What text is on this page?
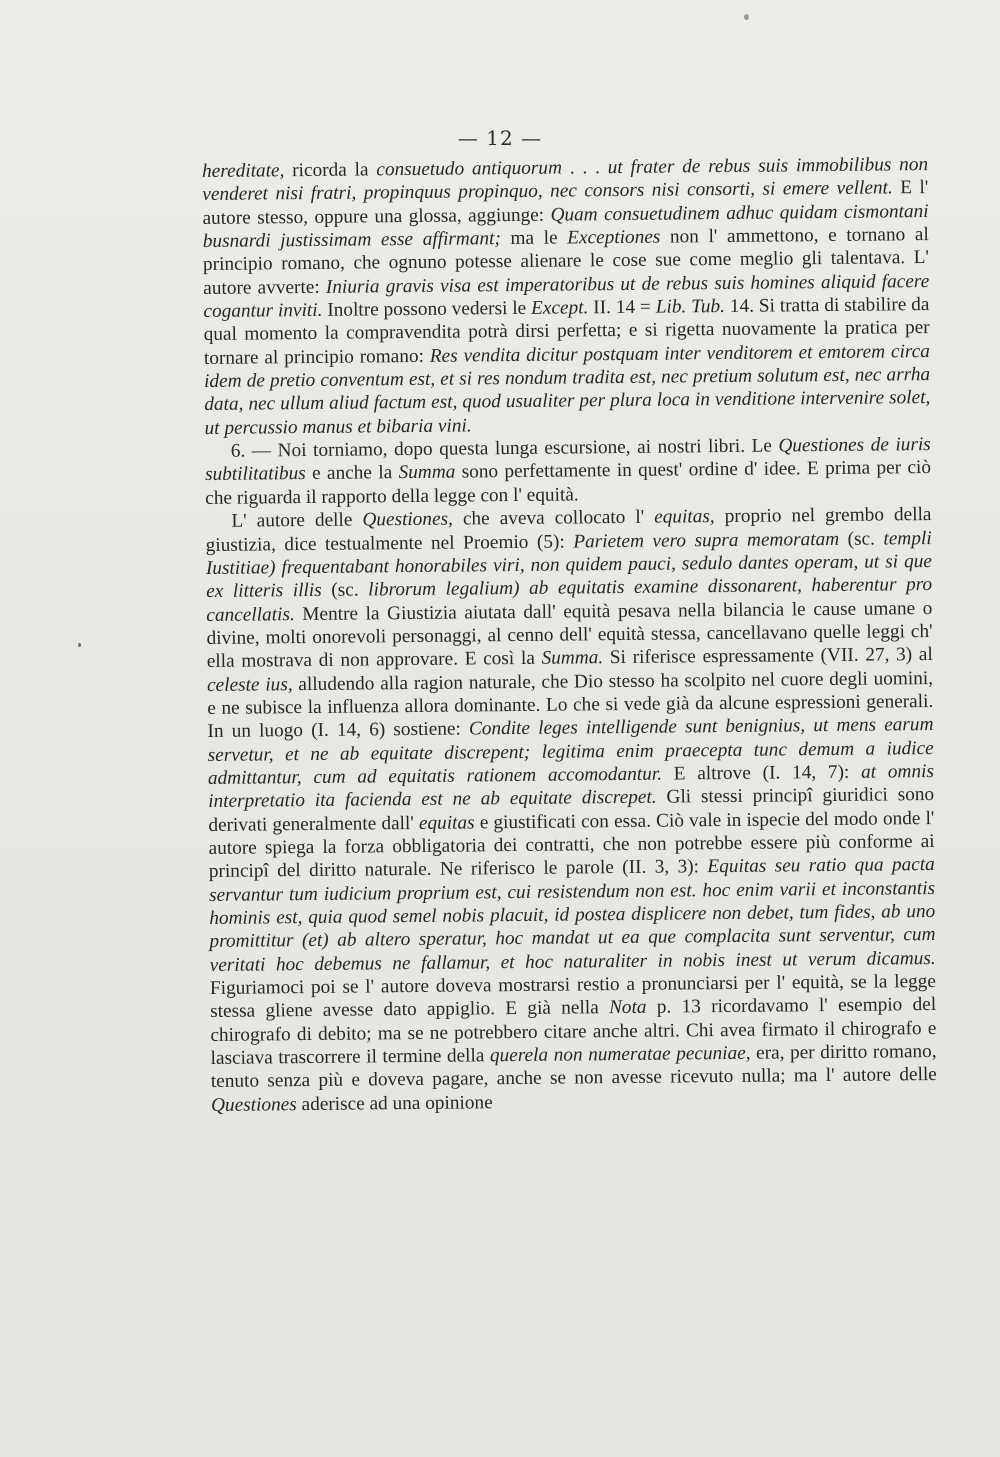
— 12 —

hereditate, ricorda la consuetudo antiquorum . . . ut frater de rebus suis immobilibus non venderet nisi fratri, propinquus propinquo, nec consors nisi consorti, si emere vellent. E l' autore stesso, oppure una glossa, aggiunge: Quam consuetudinem adhuc quidam cismontani busnardi justissimam esse affirmant; ma le Exceptiones non l' ammettono, e tornano al principio romano, che ognuno potesse alienare le cose sue come meglio gli talentava. L' autore avverte: Iniuria gravis visa est imperatoribus ut de rebus suis homines aliquid facere cogantur inviti. Inoltre possono vedersi le Except. II. 14 = Lib. Tub. 14. Si tratta di stabilire da qual momento la compravendita potrà dirsi perfetta; e si rigetta nuovamente la pratica per tornare al principio romano: Res vendita dicitur postquam inter venditorem et emtorem circa idem de pretio conventum est, et si res nondum tradita est, nec pretium solutum est, nec arrha data, nec ullum aliud factum est, quod usualiter per plura loca in venditione intervenire solet, ut percussio manus et bibaria vini.

6. — Noi torniamo, dopo questa lunga escursione, ai nostri libri. Le Questiones de iuris subtilitatibus e anche la Summa sono perfettamente in quest' ordine d' idee. E prima per ciò che riguarda il rapporto della legge con l' equità.

L' autore delle Questiones, che aveva collocato l' equitas, proprio nel grembo della giustizia, dice testualmente nel Proemio (5): Parietem vero supra memoratam (sc. templi Iustitiae) frequentabant honorabiles viri, non quidem pauci, sedulo dantes operam, ut si que ex litteris illis (sc. librorum legalium) ab equitatis examine dissonarent, haberentur pro cancellatis. Mentre la Giustizia aiutata dall' equità pesava nella bilancia le cause umane o divine, molti onorevoli personaggi, al cenno dell' equità stessa, cancellavano quelle leggi ch' ella mostrava di non approvare. E così la Summa. Si riferisce espressamente (VII. 27, 3) al celeste ius, alludendo alla ragion naturale, che Dio stesso ha scolpito nel cuore degli uomini, e ne subisce la influenza allora dominante. Lo che si vede già da alcune espressioni generali. In un luogo (I. 14, 6) sostiene: Condite leges intelligende sunt benignius, ut mens earum servetur, et ne ab equitate discrepent; legitima enim praecepta tunc demum a iudice admittantur, cum ad equitatis rationem accomodantur. E altrove (I. 14, 7): at omnis interpretatio ita facienda est ne ab equitate discrepet. Gli stessi principî giuridici sono derivati generalmente dall' equitas e giustificati con essa. Ciò vale in ispecie del modo onde l' autore spiega la forza obbligatoria dei contratti, che non potrebbe essere più conforme ai principî del diritto naturale. Ne riferisco le parole (II. 3, 3): Equitas seu ratio qua pacta servantur tum iudicium proprium est, cui resistendum non est. hoc enim varii et inconstantis hominis est, quia quod semel nobis placuit, id postea displicere non debet, tum fides, ab uno promittitur (et) ab altero speratur, hoc mandat ut ea que complacita sunt serventur, cum veritati hoc debemus ne fallamur, et hoc naturaliter in nobis inest ut verum dicamus. Figuriamoci poi se l' autore doveva mostrarsi restio a pronunciarsi per l' equità, se la legge stessa gliene avesse dato appiglio. E già nella Nota p. 13 ricordavamo l' esempio del chirografo di debito; ma se ne potrebbero citare anche altri. Chi avea firmato il chirografo e lasciava trascorrere il termine della querela non numeratae pecuniae, era, per diritto romano, tenuto senza più e doveva pagare, anche se non avesse ricevuto nulla; ma l' autore delle Questiones aderisce ad una opinione
